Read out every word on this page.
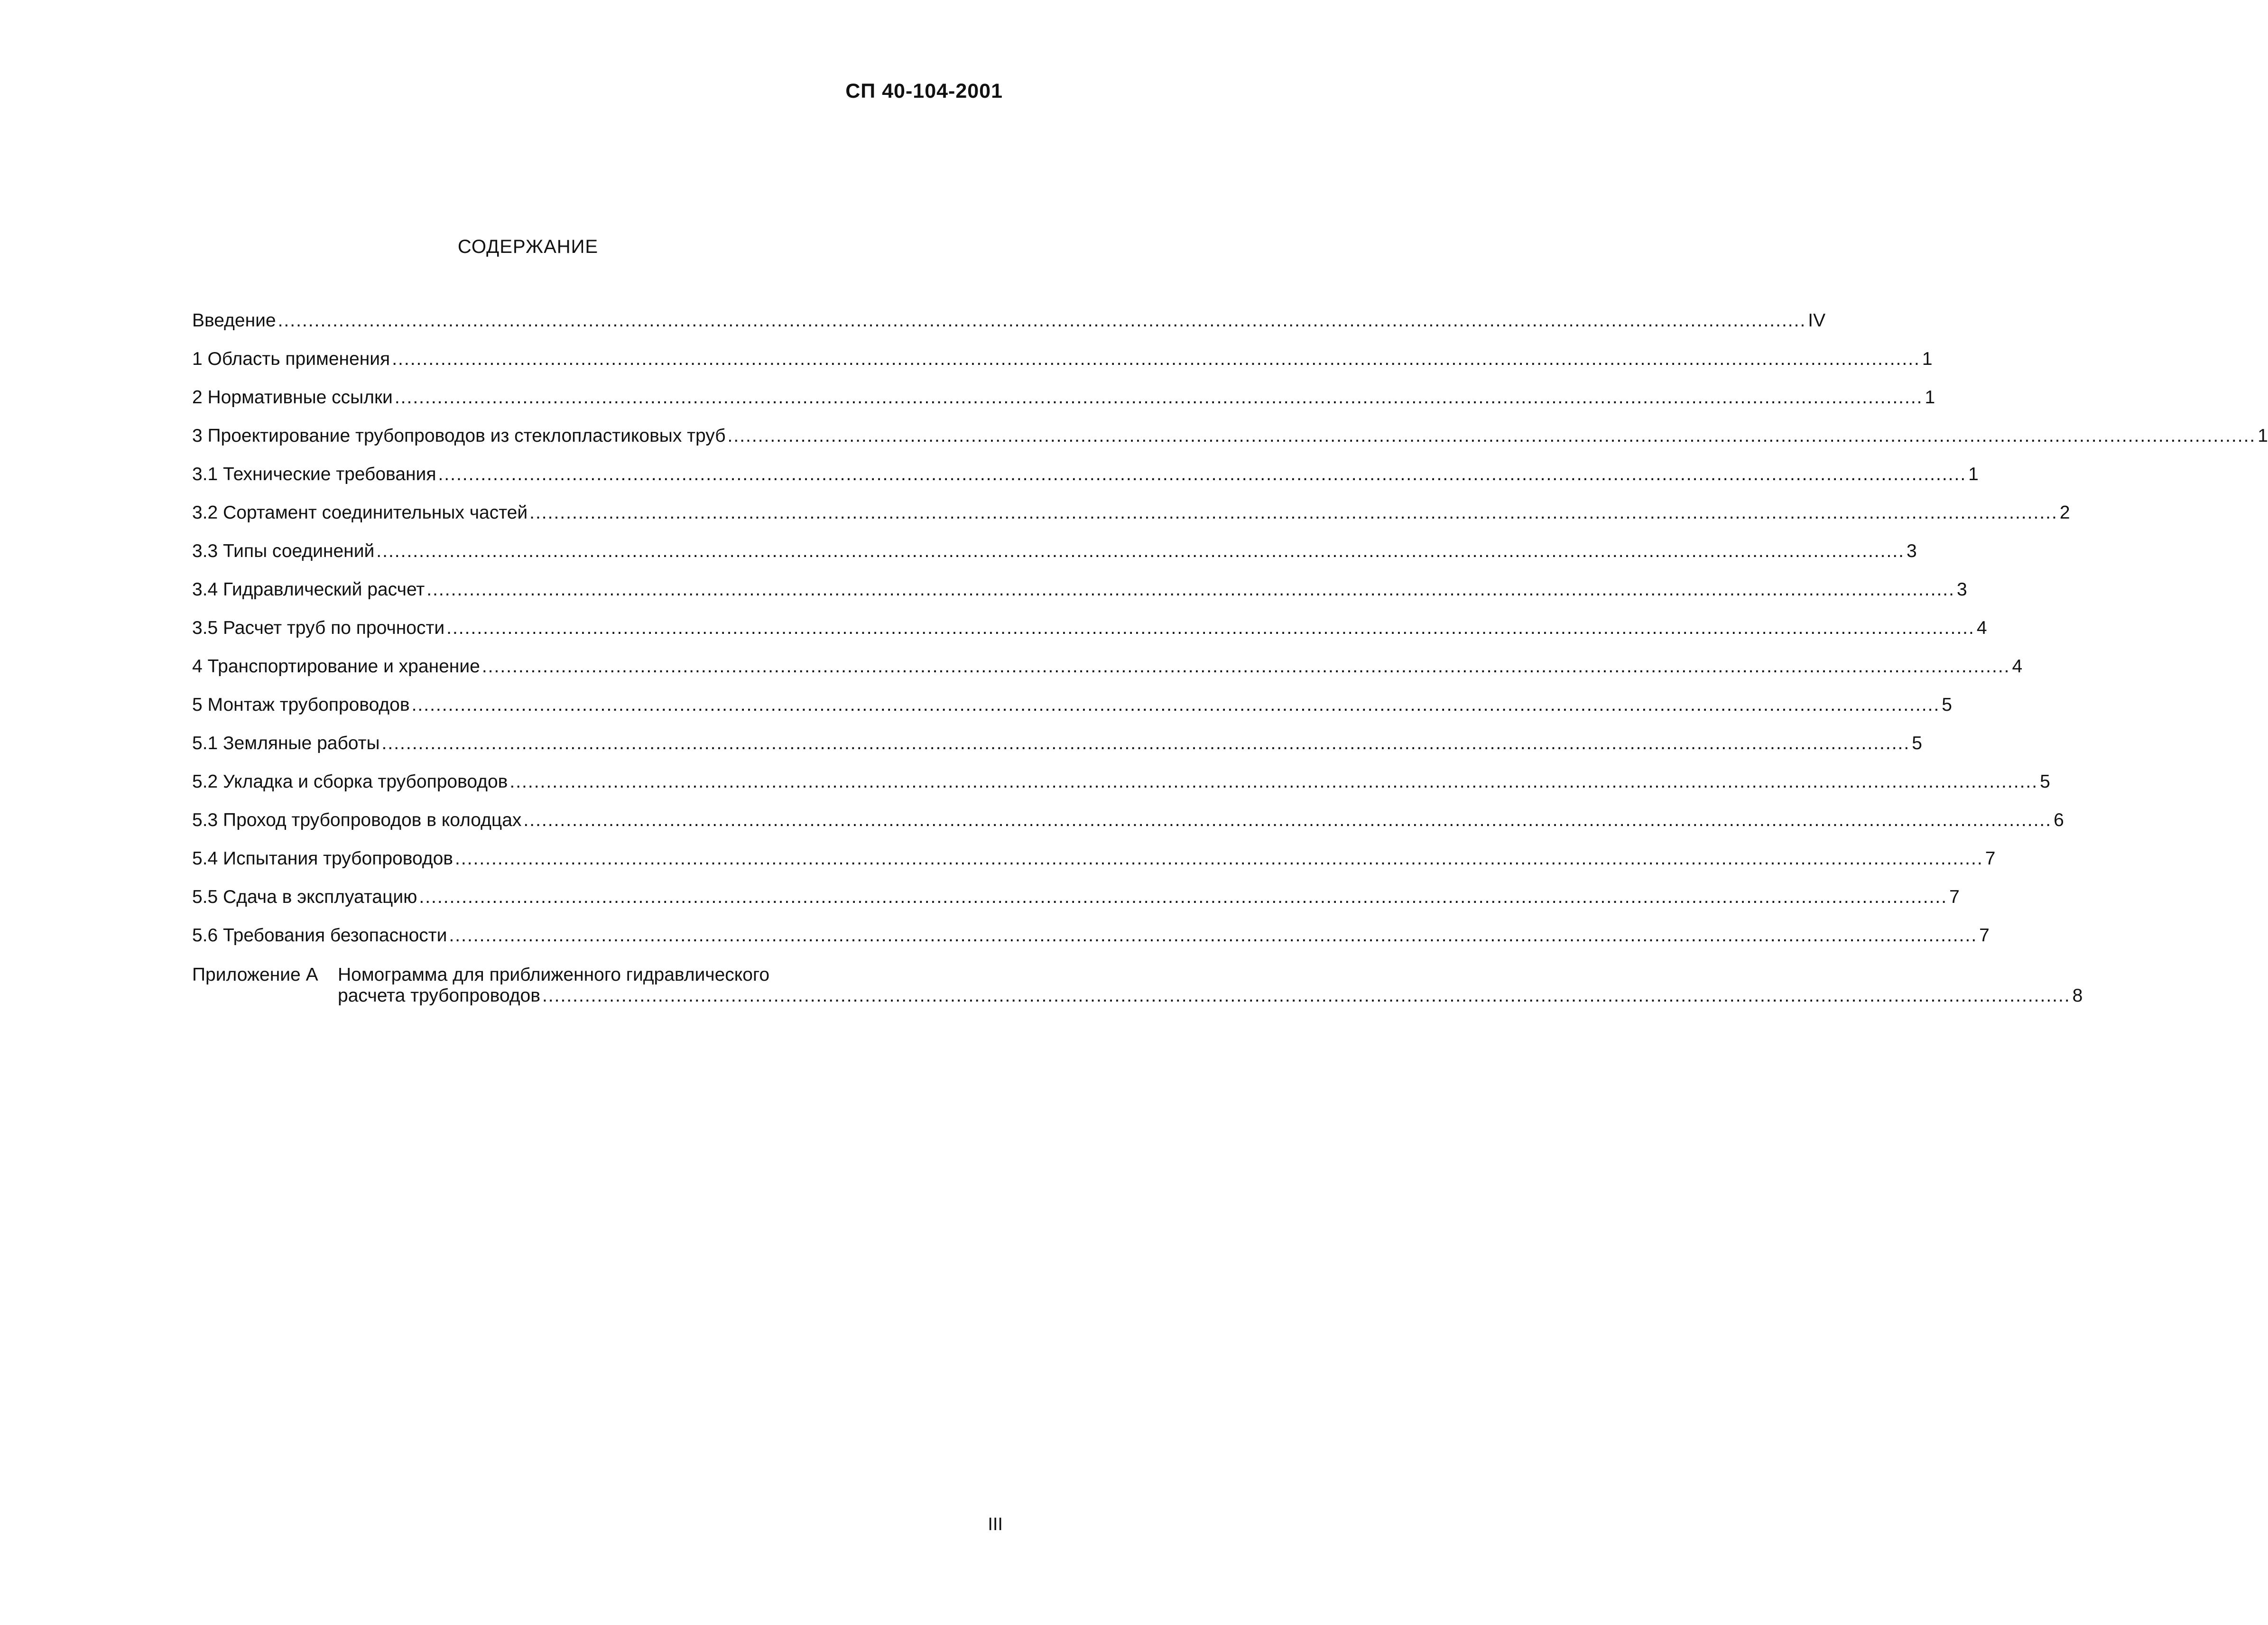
СП 40-104-2001
СОДЕРЖАНИЕ
Введение .....	IV
1 Область применения .....	1
2 Нормативные ссылки .....	1
3 Проектирование трубопроводов из стеклопластиковых труб .....	1
3.1 Технические требования .....	1
3.2 Сортамент соединительных частей .....	2
3.3 Типы соединений .....	3
3.4 Гидравлический расчет .....	3
3.5 Расчет труб по прочности .....	4
4 Транспортирование и хранение .....	4
5 Монтаж трубопроводов .....	5
5.1 Земляные работы .....	5
5.2 Укладка и сборка трубопроводов .....	5
5.3 Проход трубопроводов в колодцах .....	6
5.4 Испытания трубопроводов .....	7
5.5 Сдача в эксплуатацию .....	7
5.6 Требования безопасности .....	7
Приложение А	Номограмма для приближенного гидравлического
расчета трубопроводов .....	8
III
